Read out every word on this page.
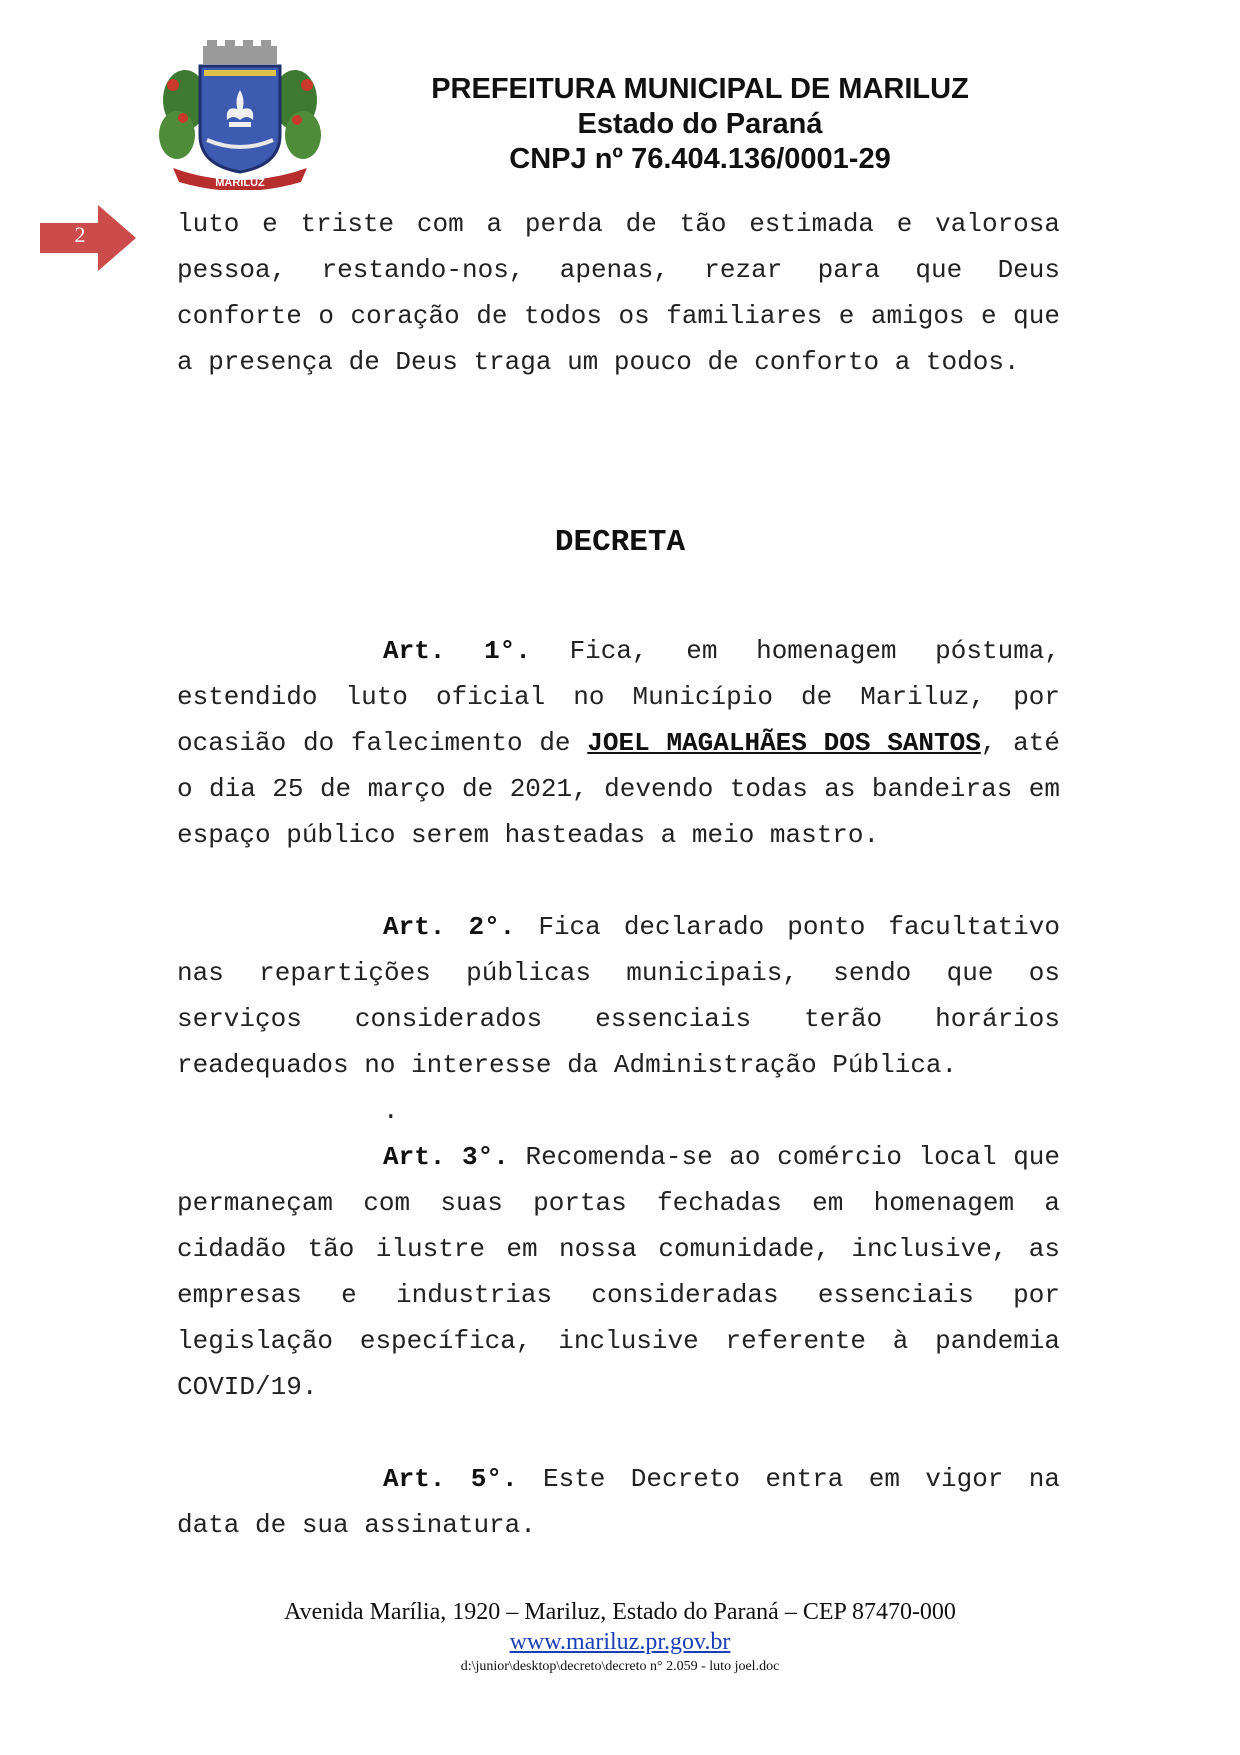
MARILUZ
PREFEITURA MUNICIPAL DE MARILUZ
Estado do Paraná
CNPJ nº 76.404.136/0001-29
2	luto e triste com a perda de tão estimada e valorosa pessoa, restando-nos, apenas, rezar para que Deus conforte o coração de todos os familiares e amigos e que a presença de Deus traga um pouco de conforto a todos.

DECRETA

Art. 1°. Fica, em homenagem póstuma, estendido luto oficial no Município de Mariluz, por ocasião do falecimento de JOEL MAGALHÃES DOS SANTOS, até o dia 25 de março de 2021, devendo todas as bandeiras em espaço público serem hasteadas a meio mastro.

Art. 2°. Fica declarado ponto facultativo nas repartições públicas municipais, sendo que os serviços considerados essenciais terão horários readequados no interesse da Administração Pública.

.

Art. 3°. Recomenda-se ao comércio local que permaneçam com suas portas fechadas em homenagem a cidadão tão ilustre em nossa comunidade, inclusive, as empresas e industrias consideradas essenciais por legislação específica, inclusive referente à pandemia COVID/19.

Art. 5°. Este Decreto entra em vigor na data de sua assinatura.

Avenida Marília, 1920 – Mariluz, Estado do Paraná – CEP 87470-000
www.mariluz.pr.gov.br
d:\junior\desktop\decreto\decreto n° 2.059 - luto joel.doc
